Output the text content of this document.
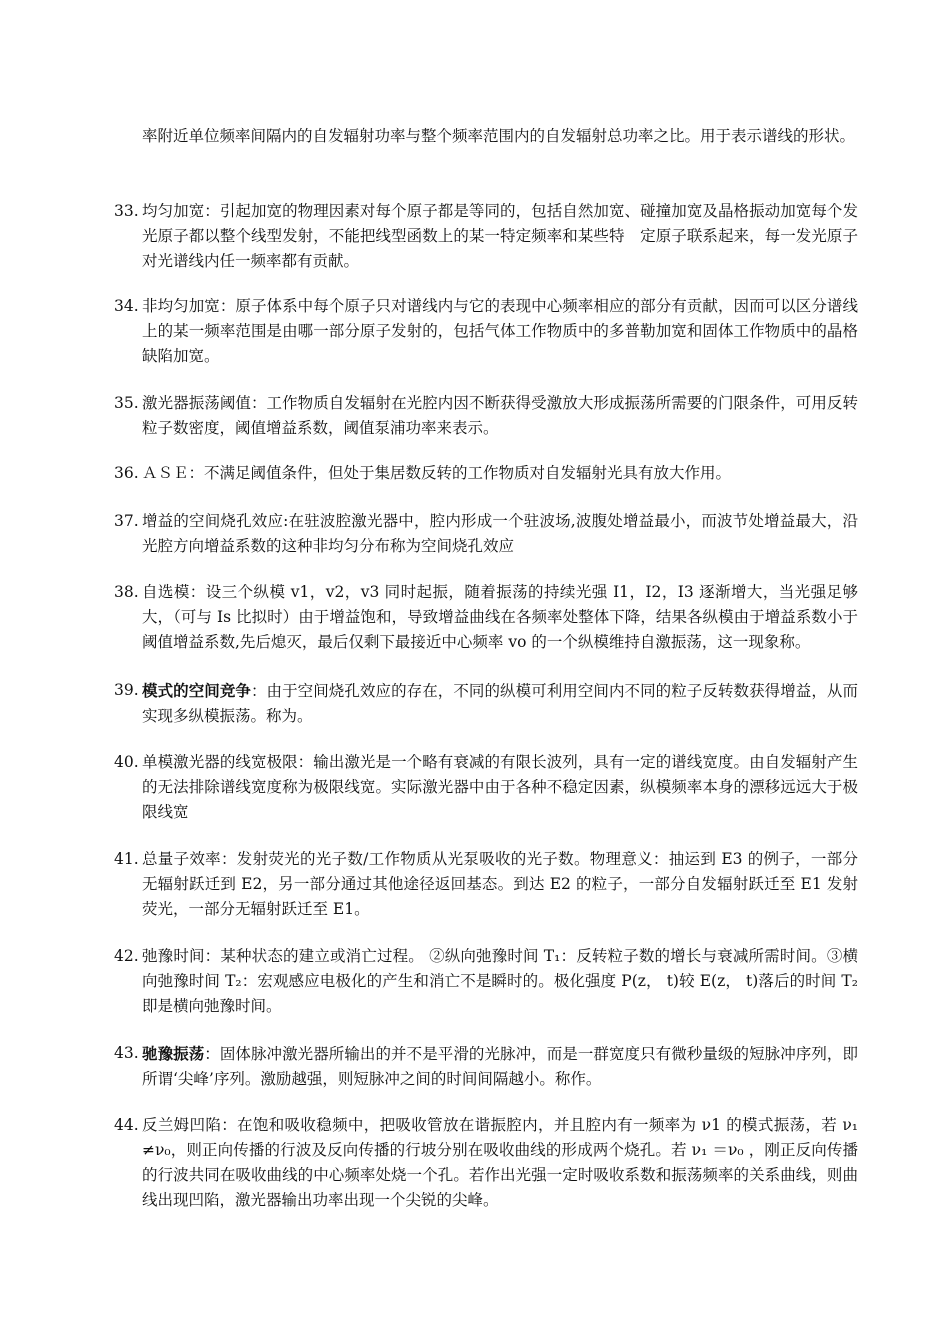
率附近单位频率间隔内的自发辐射功率与整个频率范围内的自发辐射总功率之比。用于表示谱线的形状。

33. 均匀加宽：引起加宽的物理因素对每个原子都是等同的，包括自然加宽、碰撞加宽及晶格振动加宽每个发光原子都以整个线型发射，不能把线型函数上的某一特定频率和某些特　定原子联系起来，每一发光原子对光谱线内任一频率都有贡献。

34. 非均匀加宽：原子体系中每个原子只对谱线内与它的表现中心频率相应的部分有贡献，因而可以区分谱线上的某一频率范围是由哪一部分原子发射的，包括气体工作物质中的多普勒加宽和固体工作物质中的晶格缺陷加宽。

35. 激光器振荡阈值：工作物质自发辐射在光腔内因不断获得受激放大形成振荡所需要的门限条件，可用反转粒子数密度，阈值增益系数，阈值泵浦功率来表示。

36. ＡＳＥ：不满足阈值条件，但处于集居数反转的工作物质对自发辐射光具有放大作用。

37. 增益的空间烧孔效应:在驻波腔激光器中，腔内形成一个驻波场,波腹处增益最小，而波节处增益最大，沿光腔方向增益系数的这种非均匀分布称为空间烧孔效应

38. 自选模：设三个纵模 v1，v2，v3 同时起振，随着振荡的持续光强 I1，I2，I3 逐渐增大，当光强足够大，（可与 Is 比拟时）由于增益饱和，导致增益曲线在各频率处整体下降，结果各纵模由于增益系数小于阈值增益系数,先后熄灭，最后仅剩下最接近中心频率 vo 的一个纵模维持自激振荡，这一现象称。

39. 模式的空间竞争：由于空间烧孔效应的存在，不同的纵模可利用空间内不同的粒子反转数获得增益，从而实现多纵模振荡。称为。

40. 单模激光器的线宽极限：输出激光是一个略有衰减的有限长波列，具有一定的谱线宽度。由自发辐射产生的无法排除谱线宽度称为极限线宽。实际激光器中由于各种不稳定因素，纵模频率本身的漂移远远大于极限线宽

41. 总量子效率：发射荧光的光子数/工作物质从光泵吸收的光子数。物理意义：抽运到 E3 的例子，一部分无辐射跃迁到 E2，另一部分通过其他途径返回基态。到达 E2 的粒子，一部分自发辐射跃迁至 E1 发射荧光，一部分无辐射跃迁至 E1。

42. 弛豫时间：某种状态的建立或消亡过程。 ②纵向弛豫时间 T₁：反转粒子数的增长与衰减所需时间。③横向弛豫时间 T₂：宏观感应电极化的产生和消亡不是瞬时的。极化强度 P(z， t)较 E(z， t)落后的时间 T₂即是横向弛豫时间。

43. 驰豫振荡：固体脉冲激光器所输出的并不是平滑的光脉冲，而是一群宽度只有微秒量级的短脉冲序列，即所谓‘尖峰’序列。激励越强，则短脉冲之间的时间间隔越小。称作。

44. 反兰姆凹陷：在饱和吸收稳频中，把吸收管放在谐振腔内，并且腔内有一频率为 ν1 的模式振荡，若 ν₁ ≠ν₀，则正向传播的行波及反向传播的行坡分别在吸收曲线的形成两个烧孔。若 ν₁ ＝ν₀ ，刚正反向传播的行波共同在吸收曲线的中心频率处烧一个孔。若作出光强一定时吸收系数和振荡频率的关系曲线，则曲线出现凹陷，激光器输出功率出现一个尖锐的尖峰。
